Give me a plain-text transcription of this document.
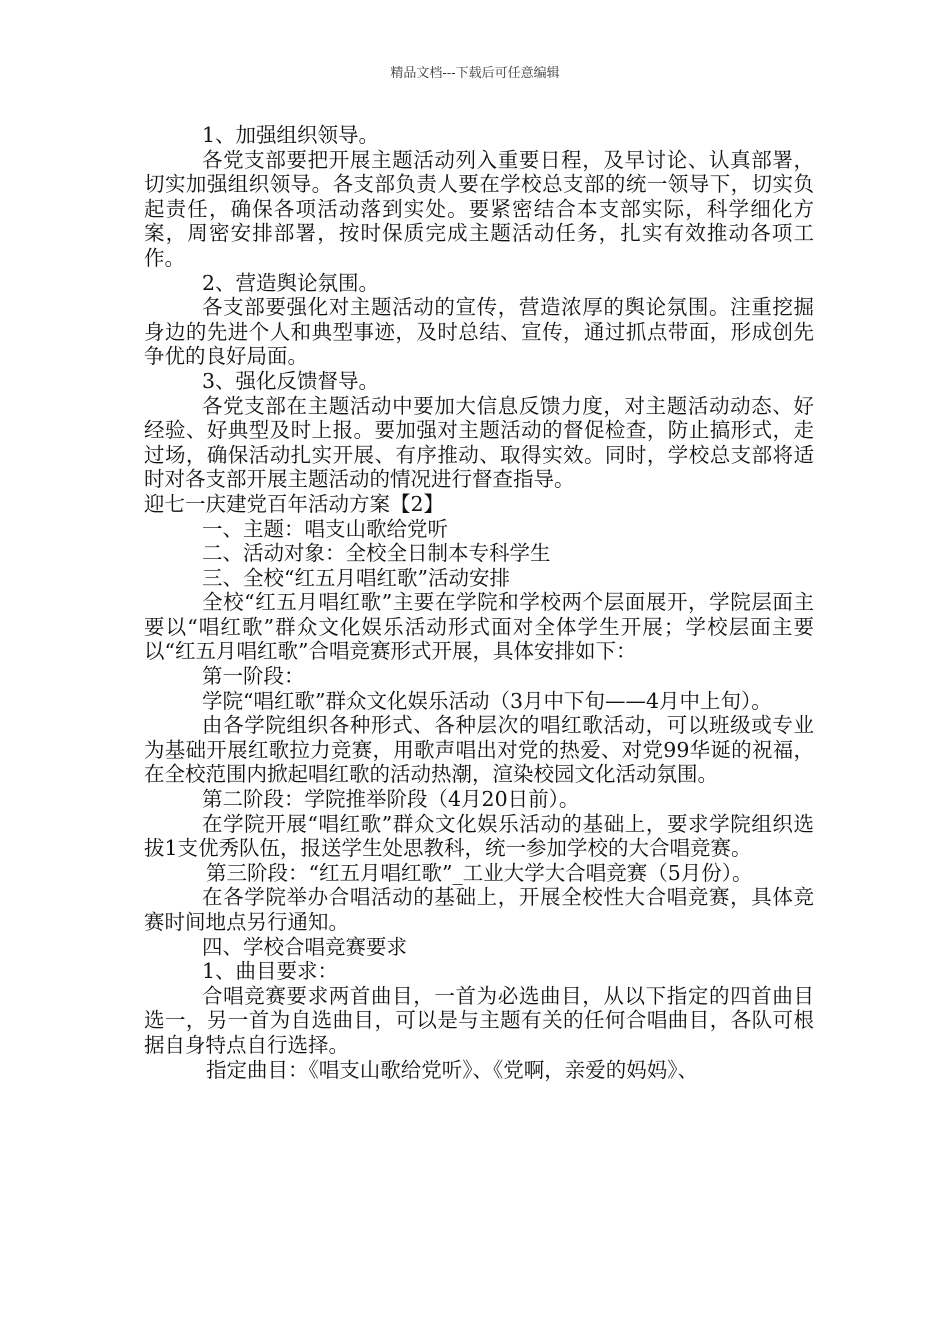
精品文档---下载后可任意编辑

1、加强组织领导。

各党支部要把开展主题活动列入重要日程，及早讨论、认真部署，切实加强组织领导。各支部负责人要在学校总支部的统一领导下，切实负起责任，确保各项活动落到实处。要紧密结合本支部实际，科学细化方案，周密安排部署，按时保质完成主题活动任务，扎实有效推动各项工作。

2、营造舆论氛围。

各支部要强化对主题活动的宣传，营造浓厚的舆论氛围。注重挖掘身边的先进个人和典型事迹，及时总结、宣传，通过抓点带面，形成创先争优的良好局面。

3、强化反馈督导。

各党支部在主题活动中要加大信息反馈力度，对主题活动动态、好经验、好典型及时上报。要加强对主题活动的督促检查，防止搞形式，走过场，确保活动扎实开展、有序推动、取得实效。同时，学校总支部将适时对各支部开展主题活动的情况进行督查指导。

迎七一庆建党百年活动方案【2】

一、主题：唱支山歌给党听

二、活动对象：全校全日制本专科学生

三、全校“红五月唱红歌”活动安排

全校“红五月唱红歌”主要在学院和学校两个层面展开，学院层面主要以“唱红歌”群众文化娱乐活动形式面对全体学生开展；学校层面主要以“红五月唱红歌”合唱竞赛形式开展，具体安排如下：

第一阶段：

学院“唱红歌”群众文化娱乐活动（3月中下旬——4月中上旬）。

由各学院组织各种形式、各种层次的唱红歌活动，可以班级或专业为基础开展红歌拉力竞赛，用歌声唱出对党的热爱、对党99华诞的祝福，在全校范围内掀起唱红歌的活动热潮，渲染校园文化活动氛围。

第二阶段：学院推举阶段（4月20日前）。

在学院开展“唱红歌”群众文化娱乐活动的基础上，要求学院组织选拔1支优秀队伍，报送学生处思教科，统一参加学校的大合唱竞赛。

第三阶段：“红五月唱红歌”_工业大学大合唱竞赛（5月份）。

在各学院举办合唱活动的基础上，开展全校性大合唱竞赛，具体竞赛时间地点另行通知。

四、学校合唱竞赛要求

1、曲目要求：

合唱竞赛要求两首曲目，一首为必选曲目，从以下指定的四首曲目选一，另一首为自选曲目，可以是与主题有关的任何合唱曲目，各队可根据自身特点自行选择。

指定曲目：《唱支山歌给党听》、《党啊，亲爱的妈妈》、
